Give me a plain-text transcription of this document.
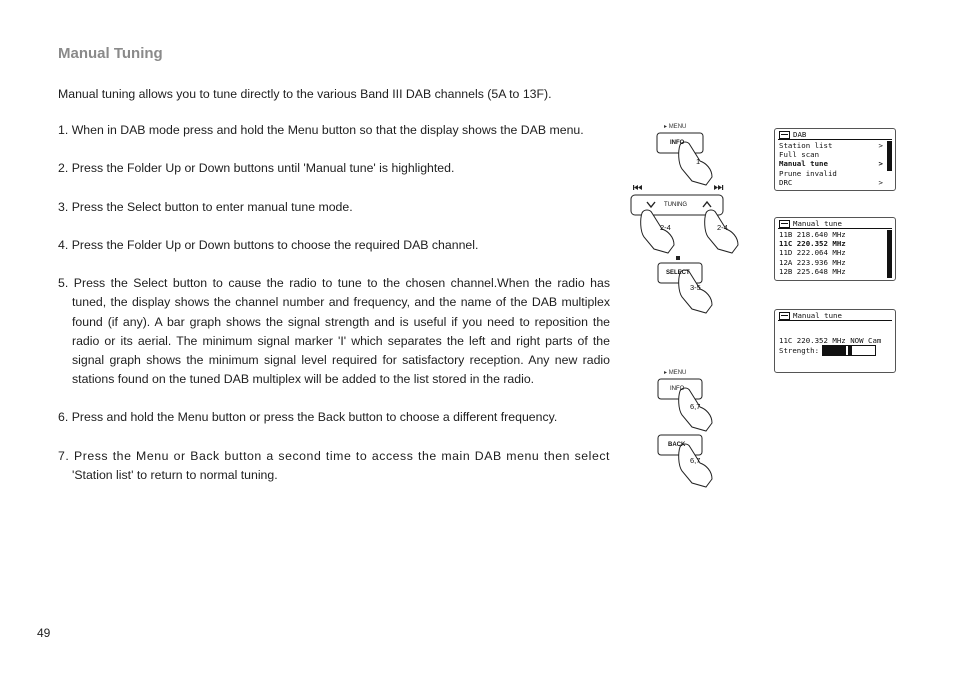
Manual Tuning
Manual tuning allows you to tune directly to the various Band III DAB channels (5A to 13F).
1. When in DAB mode press and hold the Menu button so that the display shows the DAB menu.
2. Press the Folder Up or Down buttons until 'Manual tune' is highlighted.
3. Press the Select button to enter manual tune mode.
4. Press the Folder Up or Down buttons to choose the required DAB channel.
5. Press the Select button to cause the radio to tune to the chosen channel.When the radio has
tuned, the display shows the channel number and frequency, and the name of the DAB multiplex
found (if any). A bar graph shows the signal strength and is useful if you need to reposition the
radio or its aerial. The minimum signal marker 'I' which separates the left and right parts of the
signal graph shows the minimum signal level required for satisfactory reception. Any new radio
stations found on the tuned DAB multiplex will be added to the list stored in the radio.
6. Press and hold the Menu button or press the Back button to choose a different frequency.
7. Press the Menu or Back button a second time to access the main DAB menu then select
'Station list' to return to normal tuning.
49
▸ MENU
INFO
TUNING
SELECT
▸ MENU
INFO
BACK
1
2-4	2-4
3-5
6,7
6,7
DAB
Station list	>
Full scan
Manual tune	>
Prune invalid
DRC	>
Manual tune
11B 218.640 MHz
11C 220.352 MHz
11D 222.064 MHz
12A 223.936 MHz
12B 225.648 MHz
Manual tune
11C 220.352 MHz NOW Cam
Strength:
